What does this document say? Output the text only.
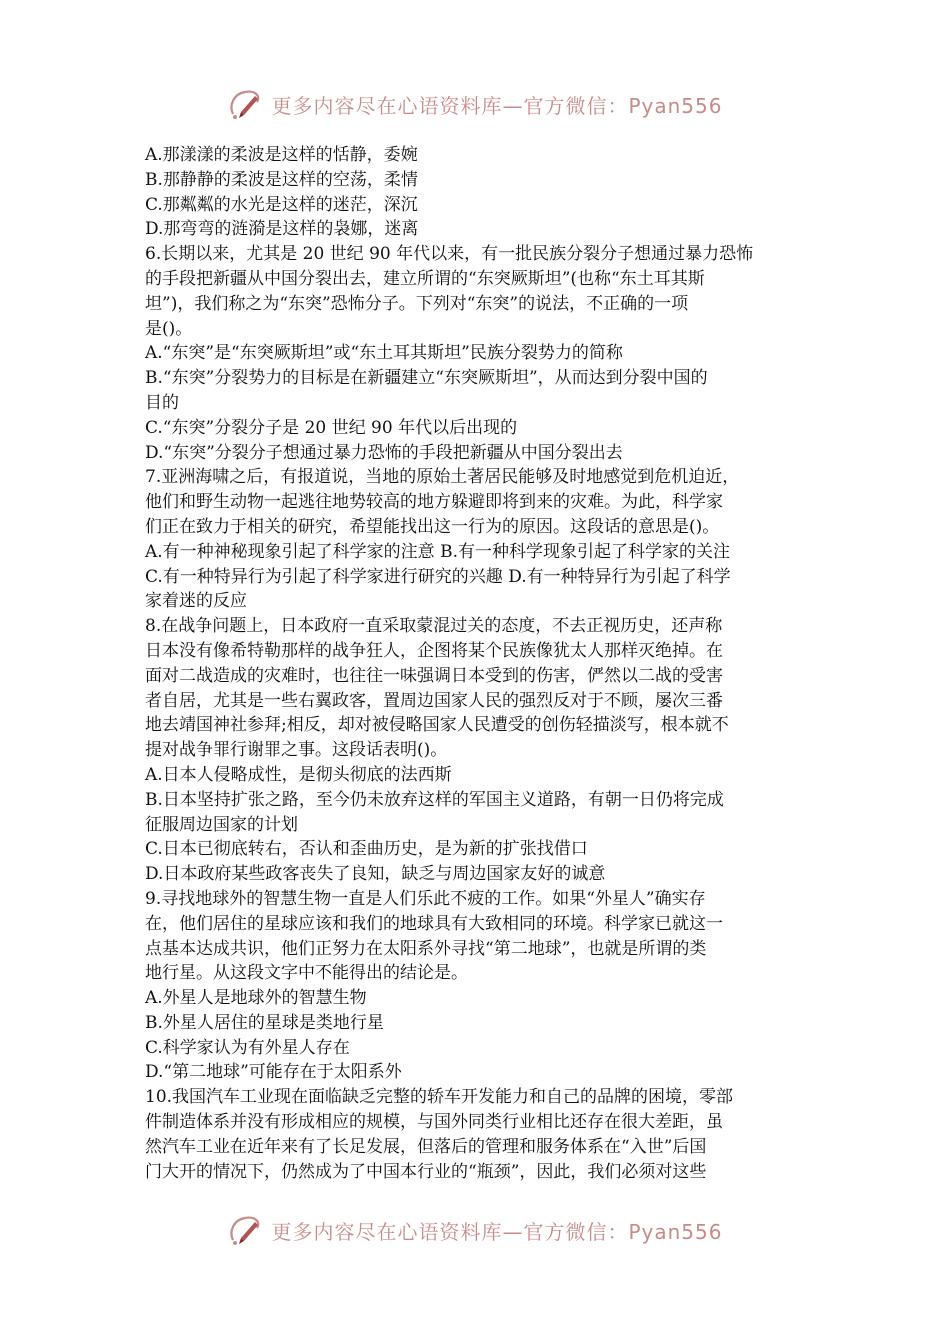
更多内容尽在心语资料库—官方微信：Pyan556
A.那漾漾的柔波是这样的恬静，委婉
B.那静静的柔波是这样的空荡，柔情
C.那粼粼的水光是这样的迷茫，深沉
D.那弯弯的涟漪是这样的袅娜，迷离
6.长期以来，尤其是 20 世纪 90 年代以来，有一批民族分裂分子想通过暴力恐怖
的手段把新疆从中国分裂出去，建立所谓的“东突厥斯坦”(也称“东土耳其斯
坦”)，我们称之为“东突”恐怖分子。下列对“东突”的说法，不正确的一项
是()。
A.“东突”是“东突厥斯坦”或“东土耳其斯坦”民族分裂势力的简称
B.“东突”分裂势力的目标是在新疆建立“东突厥斯坦”，从而达到分裂中国的
目的
C.“东突”分裂分子是 20 世纪 90 年代以后出现的
D.“东突”分裂分子想通过暴力恐怖的手段把新疆从中国分裂出去
7.亚洲海啸之后，有报道说，当地的原始土著居民能够及时地感觉到危机迫近，
他们和野生动物一起逃往地势较高的地方躲避即将到来的灾难。为此，科学家
们正在致力于相关的研究，希望能找出这一行为的原因。这段话的意思是()。
A.有一种神秘现象引起了科学家的注意 B.有一种科学现象引起了科学家的关注
C.有一种特异行为引起了科学家进行研究的兴趣 D.有一种特异行为引起了科学
家着迷的反应
8.在战争问题上，日本政府一直采取蒙混过关的态度，不去正视历史，还声称
日本没有像希特勒那样的战争狂人，企图将某个民族像犹太人那样灭绝掉。在
面对二战造成的灾难时，也往往一味强调日本受到的伤害，俨然以二战的受害
者自居，尤其是一些右翼政客，置周边国家人民的强烈反对于不顾，屡次三番
地去靖国神社参拜;相反，却对被侵略国家人民遭受的创伤轻描淡写，根本就不
提对战争罪行谢罪之事。这段话表明()。
A.日本人侵略成性，是彻头彻底的法西斯
B.日本坚持扩张之路，至今仍未放弃这样的军国主义道路，有朝一日仍将完成
征服周边国家的计划
C.日本已彻底转右，否认和歪曲历史，是为新的扩张找借口
D.日本政府某些政客丧失了良知，缺乏与周边国家友好的诚意
9.寻找地球外的智慧生物一直是人们乐此不疲的工作。如果“外星人”确实存
在，他们居住的星球应该和我们的地球具有大致相同的环境。科学家已就这一
点基本达成共识，他们正努力在太阳系外寻找“第二地球”，也就是所谓的类
地行星。从这段文字中不能得出的结论是。
A.外星人是地球外的智慧生物
B.外星人居住的星球是类地行星
C.科学家认为有外星人存在
D.“第二地球”可能存在于太阳系外
10.我国汽车工业现在面临缺乏完整的轿车开发能力和自己的品牌的困境，零部
件制造体系并没有形成相应的规模，与国外同类行业相比还存在很大差距，虽
然汽车工业在近年来有了长足发展，但落后的管理和服务体系在“入世”后国
门大开的情况下，仍然成为了中国本行业的“瓶颈”，因此，我们必须对这些
更多内容尽在心语资料库—官方微信：Pyan556
